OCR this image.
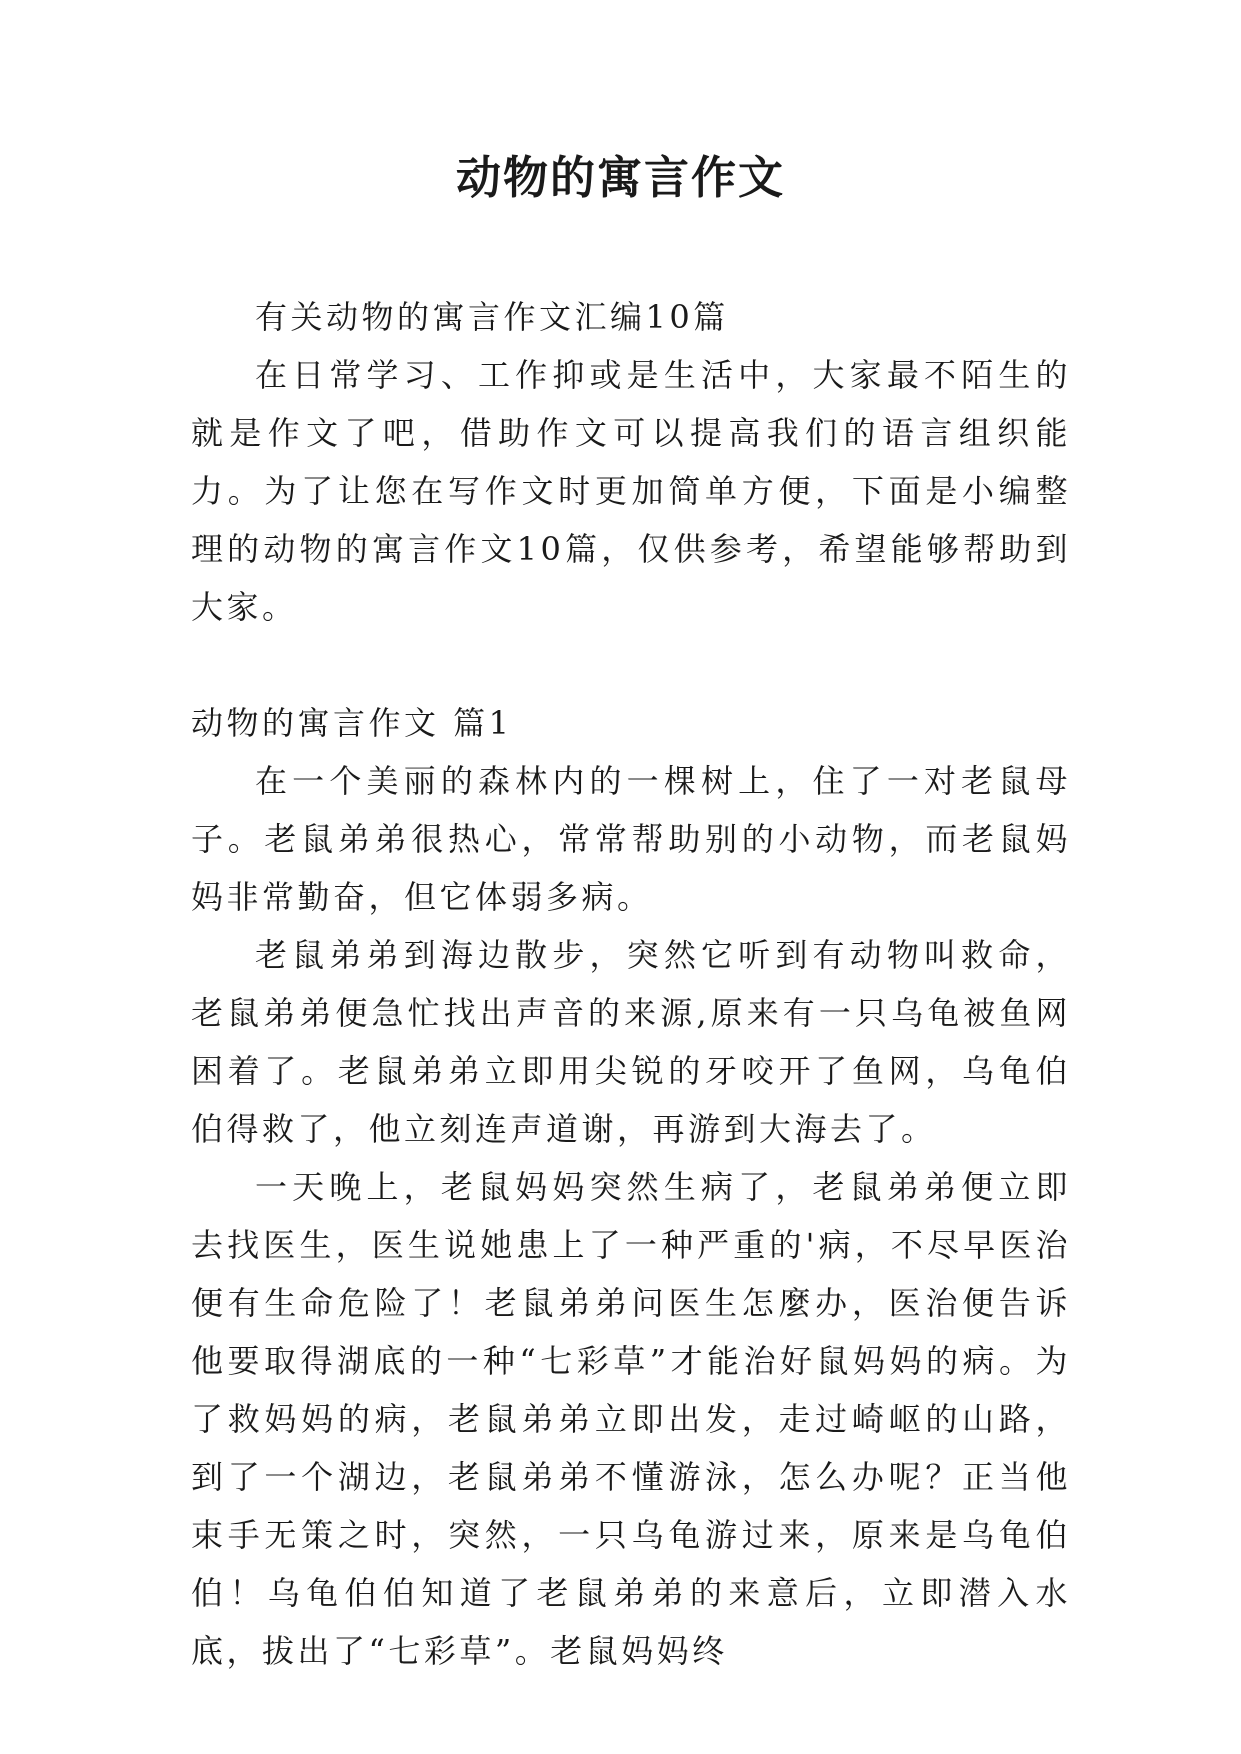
动物的寓言作文

有关动物的寓言作文汇编10篇

在日常学习、工作抑或是生活中，大家最不陌生的就是作文了吧，借助作文可以提高我们的语言组织能力。为了让您在写作文时更加简单方便，下面是小编整理的动物的寓言作文10篇，仅供参考，希望能够帮助到大家。

动物的寓言作文 篇1

在一个美丽的森林内的一棵树上，住了一对老鼠母子。老鼠弟弟很热心，常常帮助别的小动物，而老鼠妈妈非常勤奋，但它体弱多病。

老鼠弟弟到海边散步，突然它听到有动物叫救命，老鼠弟弟便急忙找出声音的来源,原来有一只乌龟被鱼网困着了。老鼠弟弟立即用尖锐的牙咬开了鱼网，乌龟伯伯得救了，他立刻连声道谢，再游到大海去了。

一天晚上，老鼠妈妈突然生病了，老鼠弟弟便立即去找医生，医生说她患上了一种严重的'病，不尽早医治便有生命危险了！老鼠弟弟问医生怎麼办，医治便告诉他要取得湖底的一种“七彩草”才能治好鼠妈妈的病。为了救妈妈的病，老鼠弟弟立即出发，走过崎岖的山路，到了一个湖边，老鼠弟弟不懂游泳，怎么办呢？正当他束手无策之时，突然，一只乌龟游过来，原来是乌龟伯伯！乌龟伯伯知道了老鼠弟弟的来意后，立即潜入水底，拔出了“七彩草”。老鼠妈妈终
